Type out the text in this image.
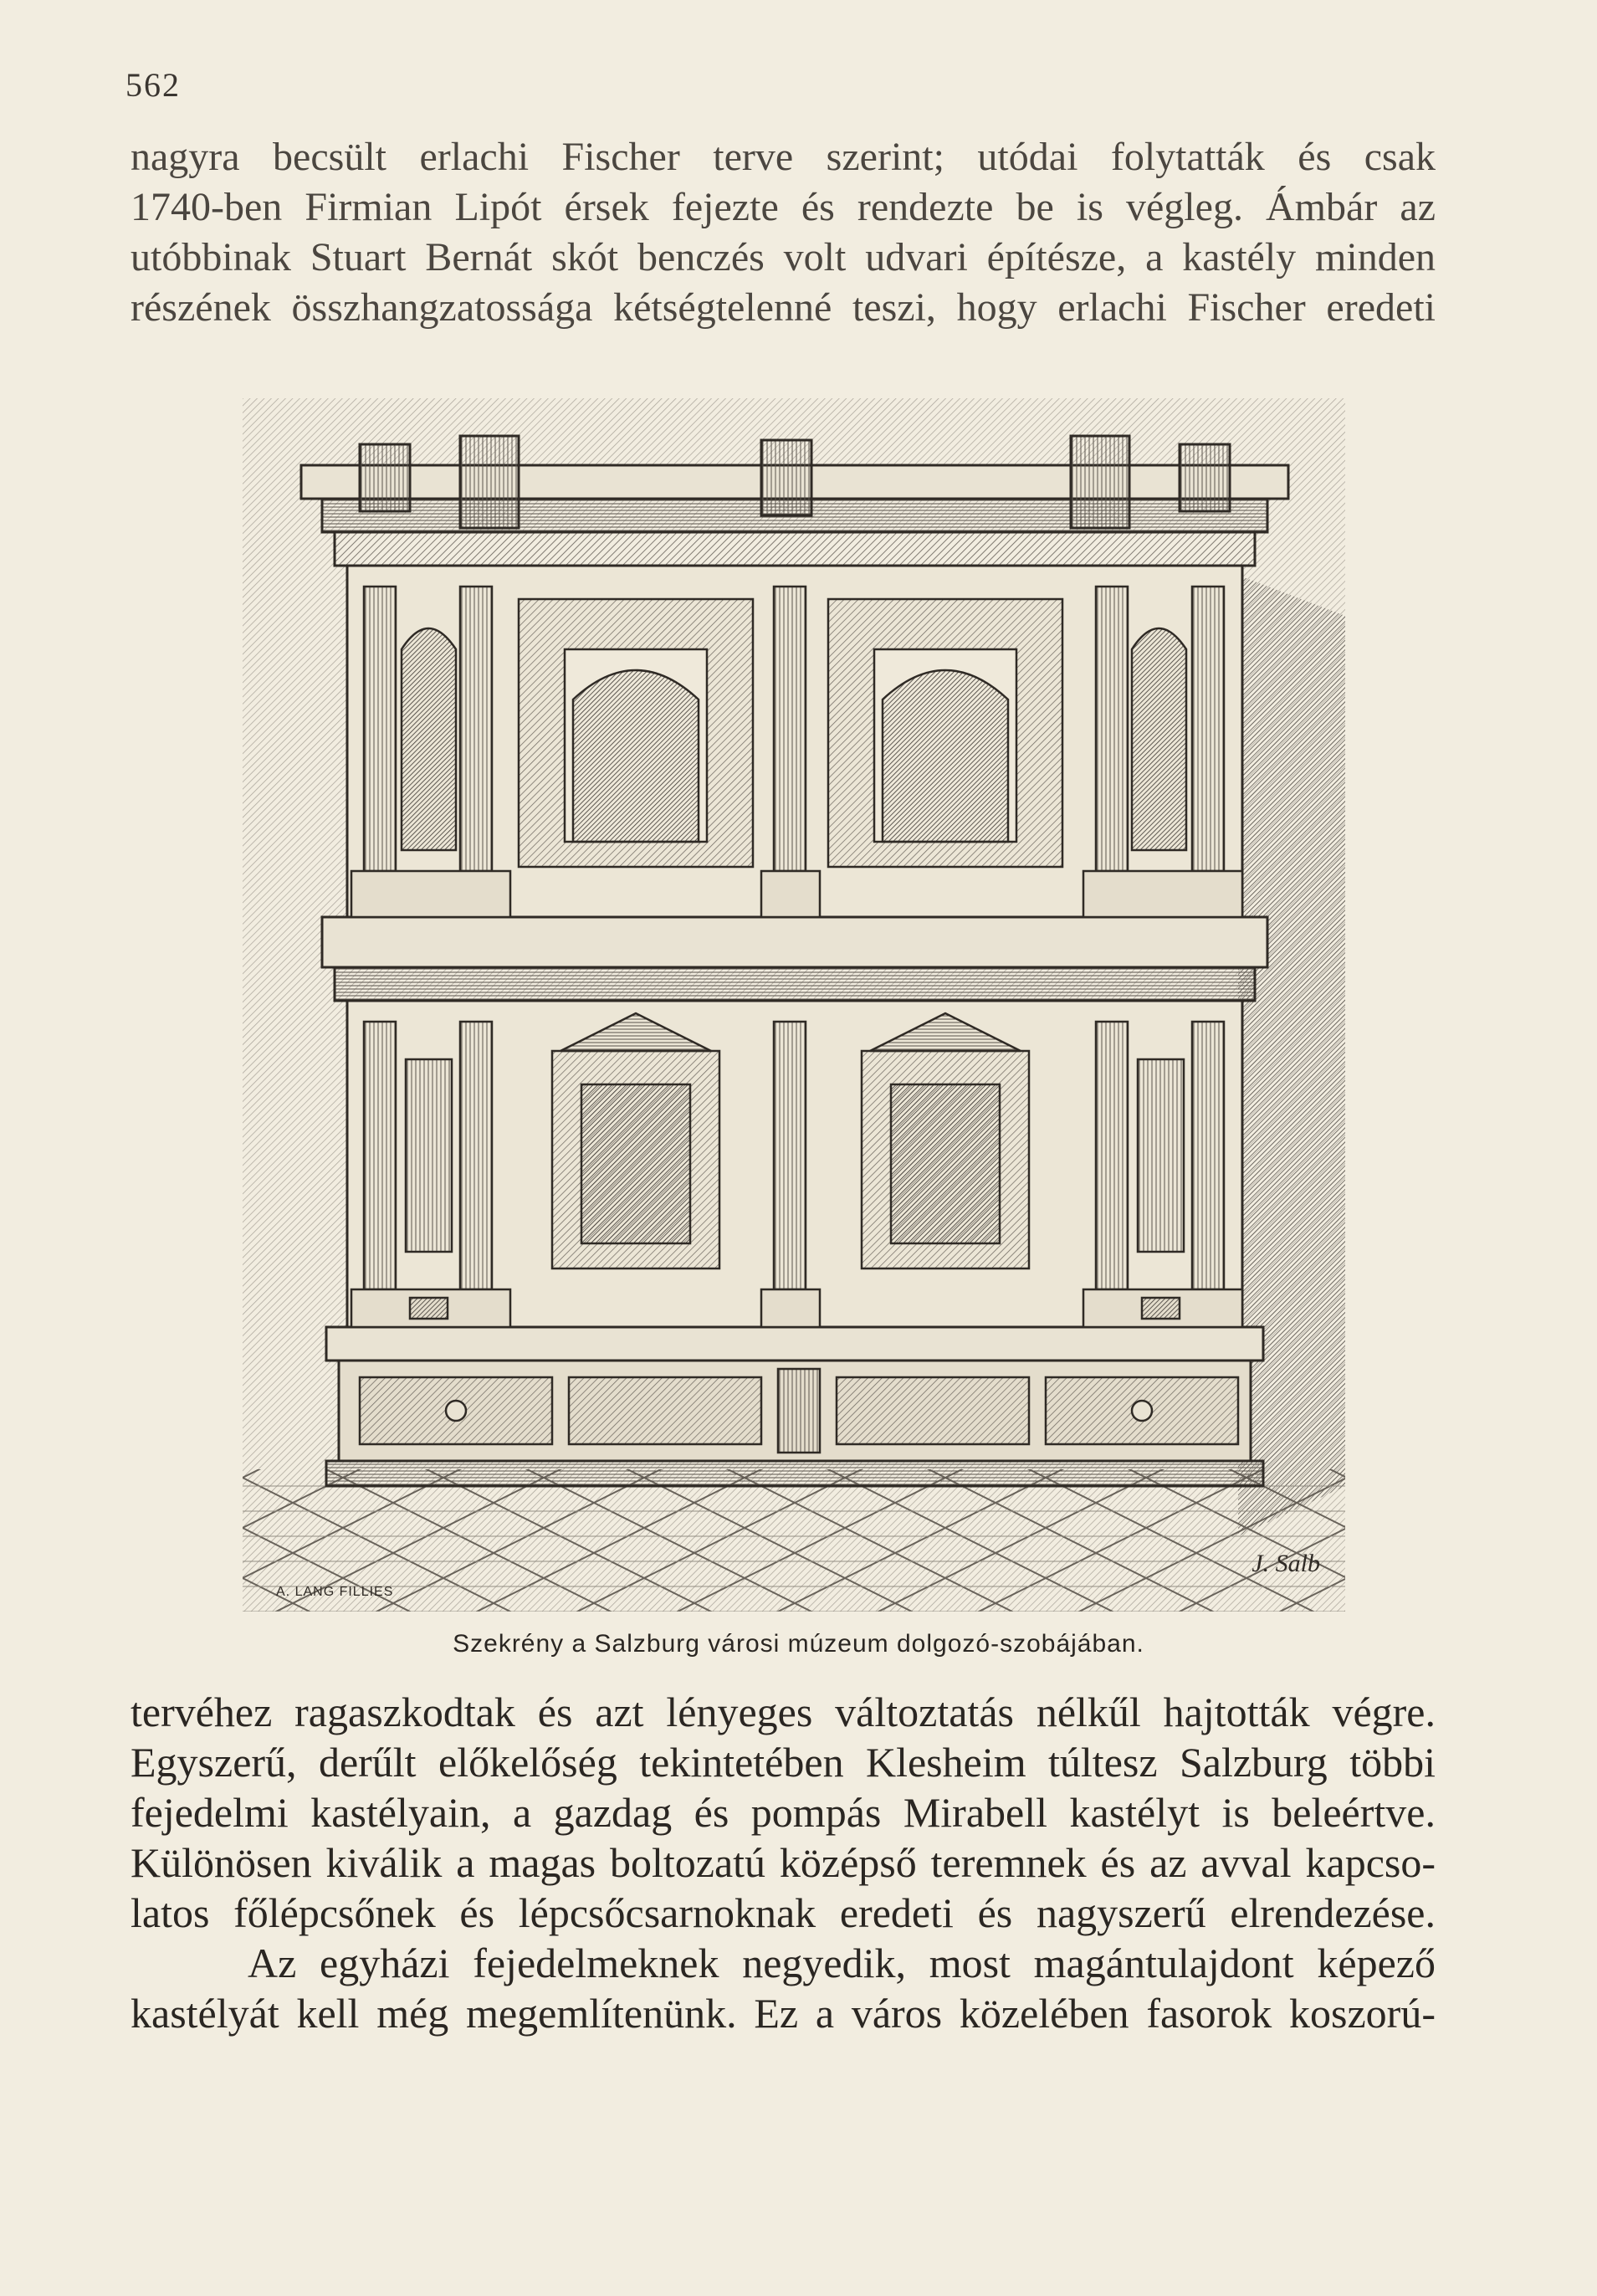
562

nagyra becsült erlachi Fischer terve szerint; utódai folytatták és csak
1740-ben Firmian Lipót érsek fejezte és rendezte be is végleg. Ámbár az
utóbbinak Stuart Bernát skót benczés volt udvari építésze, a kastély minden
részének összhangzatossága kétségtelenné teszi, hogy erlachi Fischer eredeti

J. Salb
A. LANG FILLIES
Szekrény a Salzburg városi múzeum dolgozó-szobájában.

tervéhez ragaszkodtak és azt lényeges változtatás nélkűl hajtották végre.
Egyszerű, derűlt előkelőség tekintetében Klesheim túltesz Salzburg többi
fejedelmi kastélyain, a gazdag és pompás Mirabell kastélyt is beleértve.
Különösen kiválik a magas boltozatú középső teremnek és az avval kapcso-
latos főlépcsőnek és lépcsőcsarnoknak eredeti és nagyszerű elrendezése.

Az egyházi fejedelmeknek negyedik, most magántulajdont képező
kastélyát kell még megemlítenünk. Ez a város közelében fasorok koszorú-
